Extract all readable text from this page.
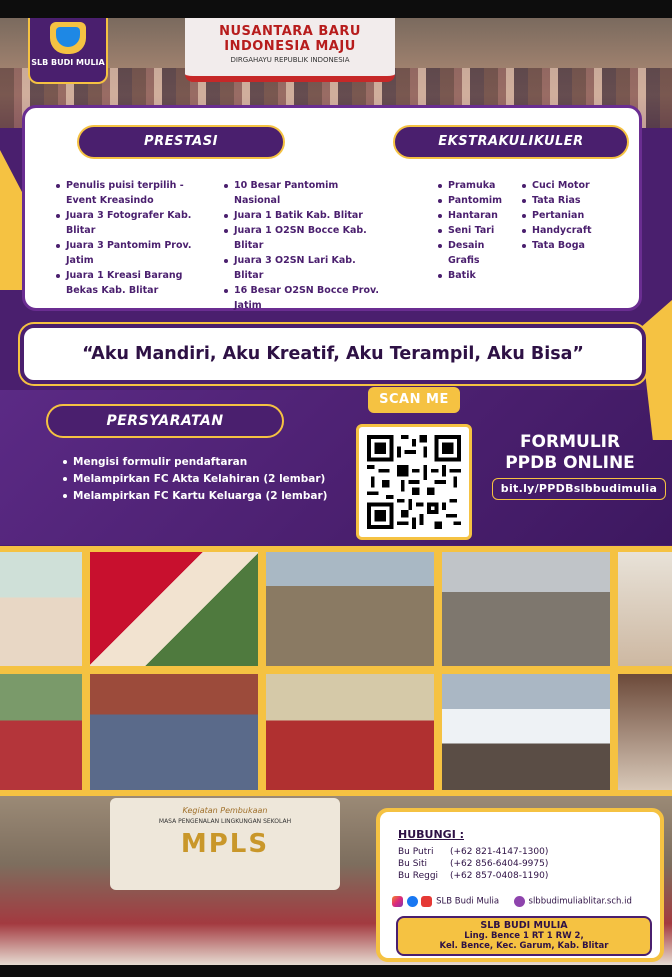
NUSANTARA BARU
INDONESIA MAJU
DIRGAHAYU REPUBLIK INDONESIA
SLB BUDI MULIA
PRESTASI	EKSTRAKULIKULER
Penulis puisi terpilih - Event Kreasindo
Juara 3 Fotografer Kab. Blitar
Juara 3 Pantomim Prov. Jatim
Juara 1 Kreasi Barang Bekas Kab. Blitar
10 Besar Pantomim Nasional
Juara 1 Batik Kab. Blitar
Juara 1 O2SN Bocce Kab. Blitar
Juara 3 O2SN Lari Kab. Blitar
16 Besar O2SN Bocce Prov. Jatim
Pramuka
Pantomim
Hantaran
Seni Tari
Desain Grafis
Batik
Cuci Motor
Tata Rias
Pertanian
Handycraft
Tata Boga
“Aku Mandiri, Aku Kreatif, Aku Terampil, Aku Bisa”
PERSYARATAN
Mengisi formulir pendaftaran
Melampirkan FC Akta Kelahiran (2 lembar)
Melampirkan FC Kartu Keluarga (2 lembar)
SCAN ME
FORMULIR
PPDB ONLINE
bit.ly/PPDBslbbudimulia
Kegiatan Pembukaan
MASA PENGENALAN LINGKUNGAN SEKOLAH
MPLS	HUBUNGI :
Bu Putri (+62 821-4147-1300)
Bu Siti	(+62 856-6404-9975)
Bu Reggi (+62 857-0408-1190)
SLB Budi Mulia	slbbudimuliablitar.sch.id
SLB BUDI MULIA
Ling. Bence 1 RT 1 RW 2,
Kel. Bence, Kec. Garum, Kab. Blitar
